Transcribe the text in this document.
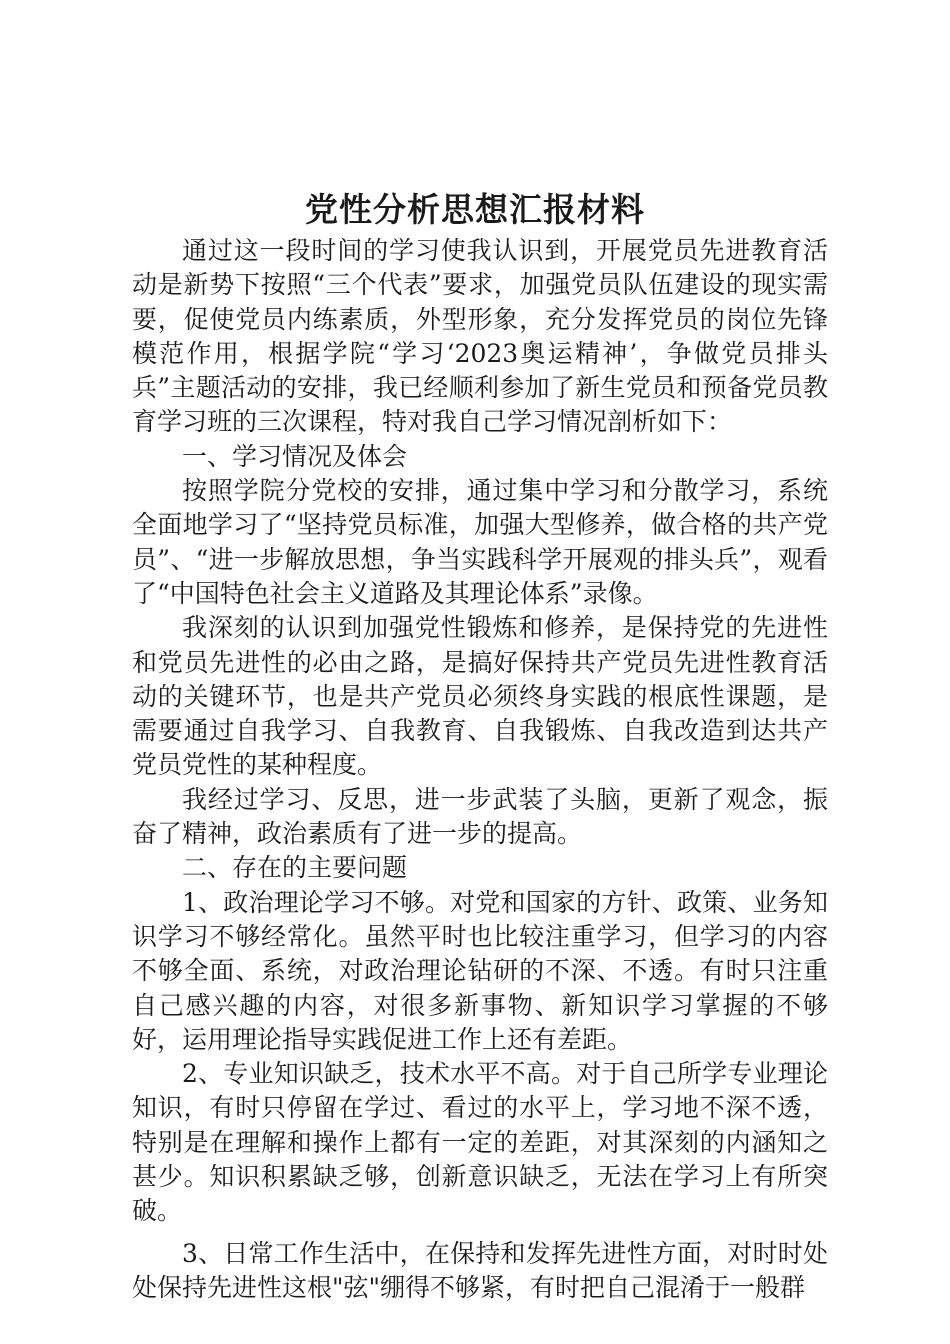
党性分析思想汇报材料

通过这一段时间的学习使我认识到，开展党员先进教育活动是新势下按照“三个代表”要求，加强党员队伍建设的现实需要，促使党员内练素质，外型形象，充分发挥党员的岗位先锋模范作用，根据学院“学习‘2023奥运精神’，争做党员排头兵”主题活动的安排，我已经顺利参加了新生党员和预备党员教育学习班的三次课程，特对我自己学习情况剖析如下：

一、学习情况及体会

按照学院分党校的安排，通过集中学习和分散学习，系统全面地学习了“坚持党员标准，加强大型修养，做合格的共产党员”、“进一步解放思想，争当实践科学开展观的排头兵”，观看了“中国特色社会主义道路及其理论体系”录像。

我深刻的认识到加强党性锻炼和修养，是保持党的先进性和党员先进性的必由之路，是搞好保持共产党员先进性教育活动的关键环节，也是共产党员必须终身实践的根底性课题，是需要通过自我学习、自我教育、自我锻炼、自我改造到达共产党员党性的某种程度。

我经过学习、反思，进一步武装了头脑，更新了观念，振奋了精神，政治素质有了进一步的提高。

二、存在的主要问题

1、政治理论学习不够。对党和国家的方针、政策、业务知识学习不够经常化。虽然平时也比较注重学习，但学习的内容不够全面、系统，对政治理论钻研的不深、不透。有时只注重自己感兴趣的内容，对很多新事物、新知识学习掌握的不够好，运用理论指导实践促进工作上还有差距。

2、专业知识缺乏，技术水平不高。对于自己所学专业理论知识，有时只停留在学过、看过的水平上，学习地不深不透，特别是在理解和操作上都有一定的差距，对其深刻的内涵知之甚少。知识积累缺乏够，创新意识缺乏，无法在学习上有所突破。

3、日常工作生活中，在保持和发挥先进性方面，对时时处处保持先进性这根"弦"绷得不够紧，有时把自己混淆于一般群
